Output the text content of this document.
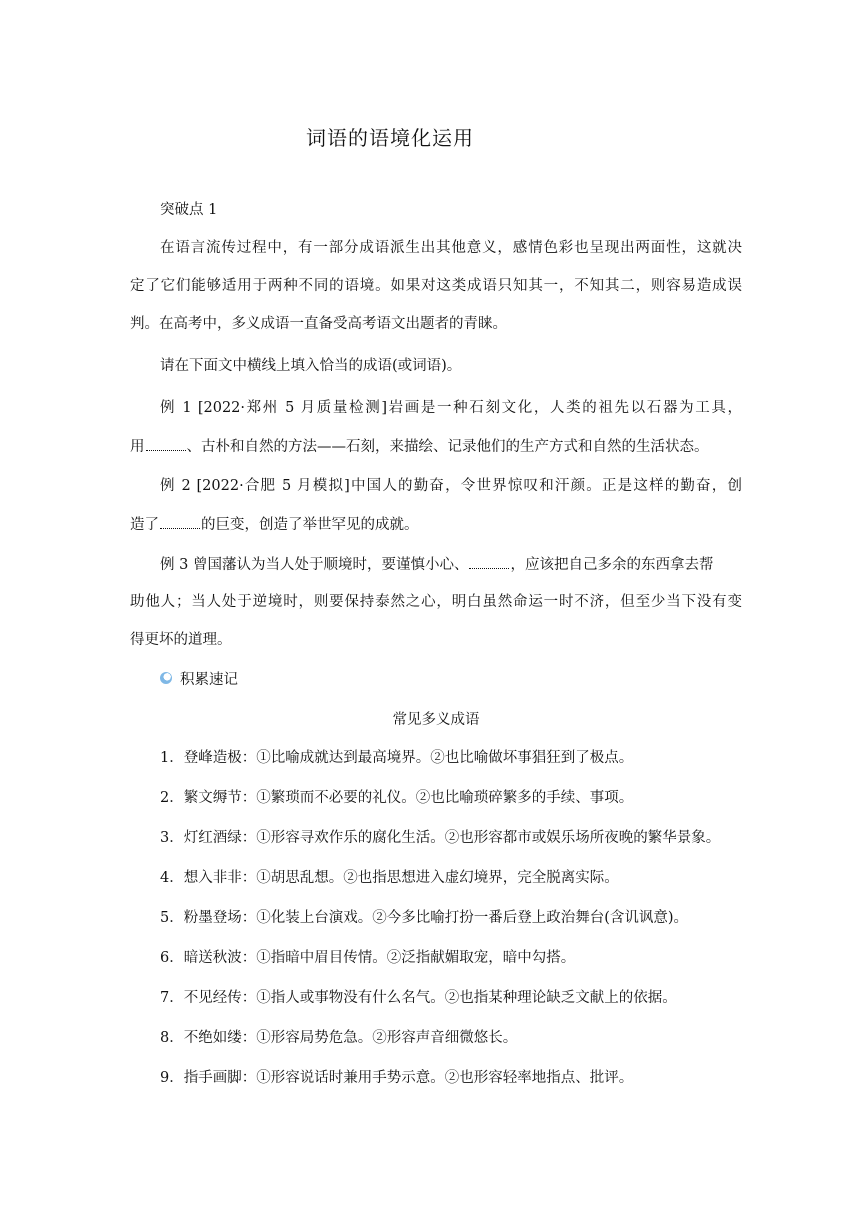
词语的语境化运用
突破点 1
在语言流传过程中，有一部分成语派生出其他意义，感情色彩也呈现出两面性，这就决
定了它们能够适用于两种不同的语境。如果对这类成语只知其一，不知其二，则容易造成误
判。在高考中，多义成语一直备受高考语文出题者的青睐。
请在下面文中横线上填入恰当的成语(或词语)。
例 1 [2022·郑州 5 月质量检测]岩画是一种石刻文化，人类的祖先以石器为工具，
用	、古朴和自然的方法——石刻，来描绘、记录他们的生产方式和自然的生活状态。
例 2 [2022·合肥 5 月模拟]中国人的勤奋，令世界惊叹和汗颜。正是这样的勤奋，创
造了	的巨变，创造了举世罕见的成就。
例 3 曾国藩认为当人处于顺境时，要谨慎小心、	，应该把自己多余的东西拿去帮
助他人；当人处于逆境时，则要保持泰然之心，明白虽然命运一时不济，但至少当下没有变
得更坏的道理。
积累速记
常见多义成语
1．登峰造极：①比喻成就达到最高境界。②也比喻做坏事猖狂到了极点。
2．繁文缛节：①繁琐而不必要的礼仪。②也比喻琐碎繁多的手续、事项。
3．灯红酒绿：①形容寻欢作乐的腐化生活。②也形容都市或娱乐场所夜晚的繁华景象。
4．想入非非：①胡思乱想。②也指思想进入虚幻境界，完全脱离实际。
5．粉墨登场：①化装上台演戏。②今多比喻打扮一番后登上政治舞台(含讥讽意)。
6．暗送秋波：①指暗中眉目传情。②泛指献媚取宠，暗中勾搭。
7．不见经传：①指人或事物没有什么名气。②也指某种理论缺乏文献上的依据。
8．不绝如缕：①形容局势危急。②形容声音细微悠长。
9．指手画脚：①形容说话时兼用手势示意。②也形容轻率地指点、批评。
